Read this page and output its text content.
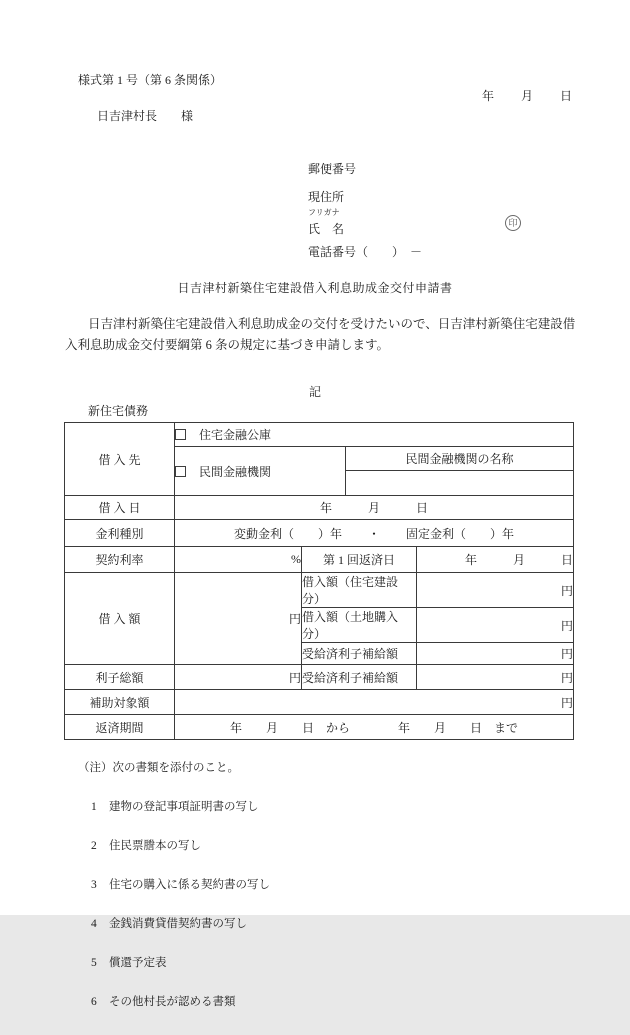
様式第 1 号（第 6 条関係）
年　　月　　日
日吉津村長　　様
郵便番号
現住所
フリガナ
氏　名	印
電話番号（　　）　－
日吉津村新築住宅建設借入利息助成金交付申請書
日吉津村新築住宅建設借入利息助成金の交付を受けたいので、日吉津村新築住宅建設借
入利息助成金交付要綱第 6 条の規定に基づき申請します。
記
新住宅債務
借 入 先	住宅金融公庫			
	民間金融機関		民間金融機関の名称	

借 入 日	年　　　月　　　日			
金利種別	変動金利（　　）年 ・ 固定金利（　　）年			

契約利率	%	第 1 回返済日		年　　　月　　　日
借 入 額	円	借入額（住宅建設分）		円
		借入額（土地購入分）		円
		受給済利子補給額		円
利子総額	円	受給済利子補給額		円
補助対象額	円			
返済期間	年　　月　　日　から　　　　年　　月　　日　まで			

（注）次の書類を添付のこと。

1 建物の登記事項証明書の写し

2 住民票謄本の写し

3 住宅の購入に係る契約書の写し

4 金銭消費貸借契約書の写し

5 償還予定表

6 その他村長が認める書類
